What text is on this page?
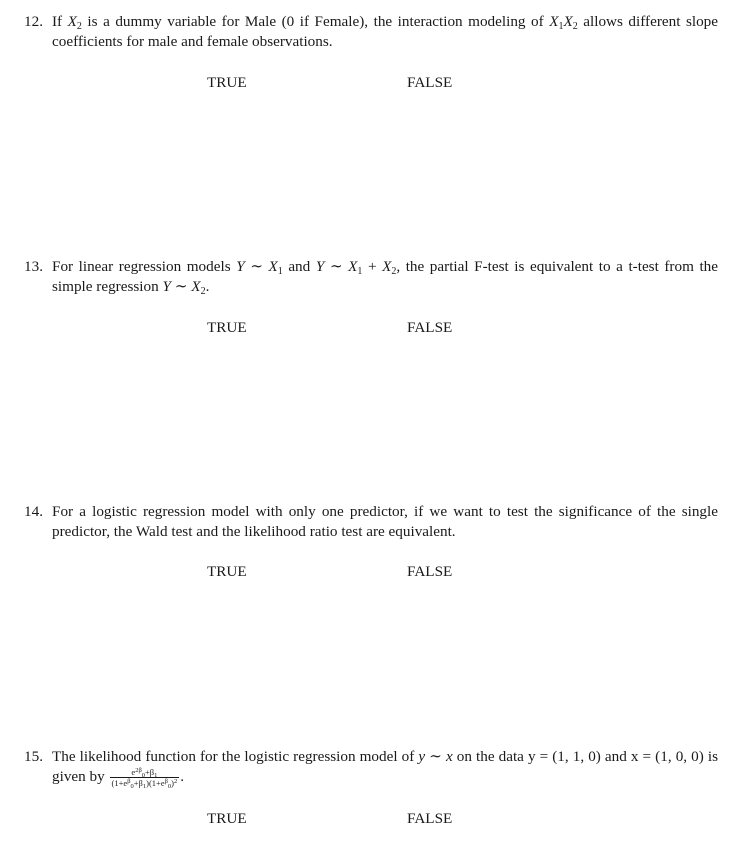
12. If $X_2$ is a dummy variable for Male (0 if Female), the interaction modeling of $X_1X_2$ allows different slope coefficients for male and female observations.
TRUE	FALSE
13. For linear regression models Y ∼ $X_1$ and Y ∼ $X_1 + X_2$, the partial F-test is equivalent to a t-test from the simple regression Y ∼ $X_2$.
TRUE	FALSE
14. For a logistic regression model with only one predictor, if we want to test the significance of the single predictor, the Wald test and the likelihood ratio test are equivalent.
TRUE	FALSE
15. The likelihood function for the logistic regression model of y ∼ x on the data y = (1, 1, 0) and x = (1, 0, 0) is given by $\frac{e^{2\beta}_0+\beta_1}{(1+e^\beta_0+\beta_1)(1+e^\beta_0)^2}$ .
TRUE	FALSE
